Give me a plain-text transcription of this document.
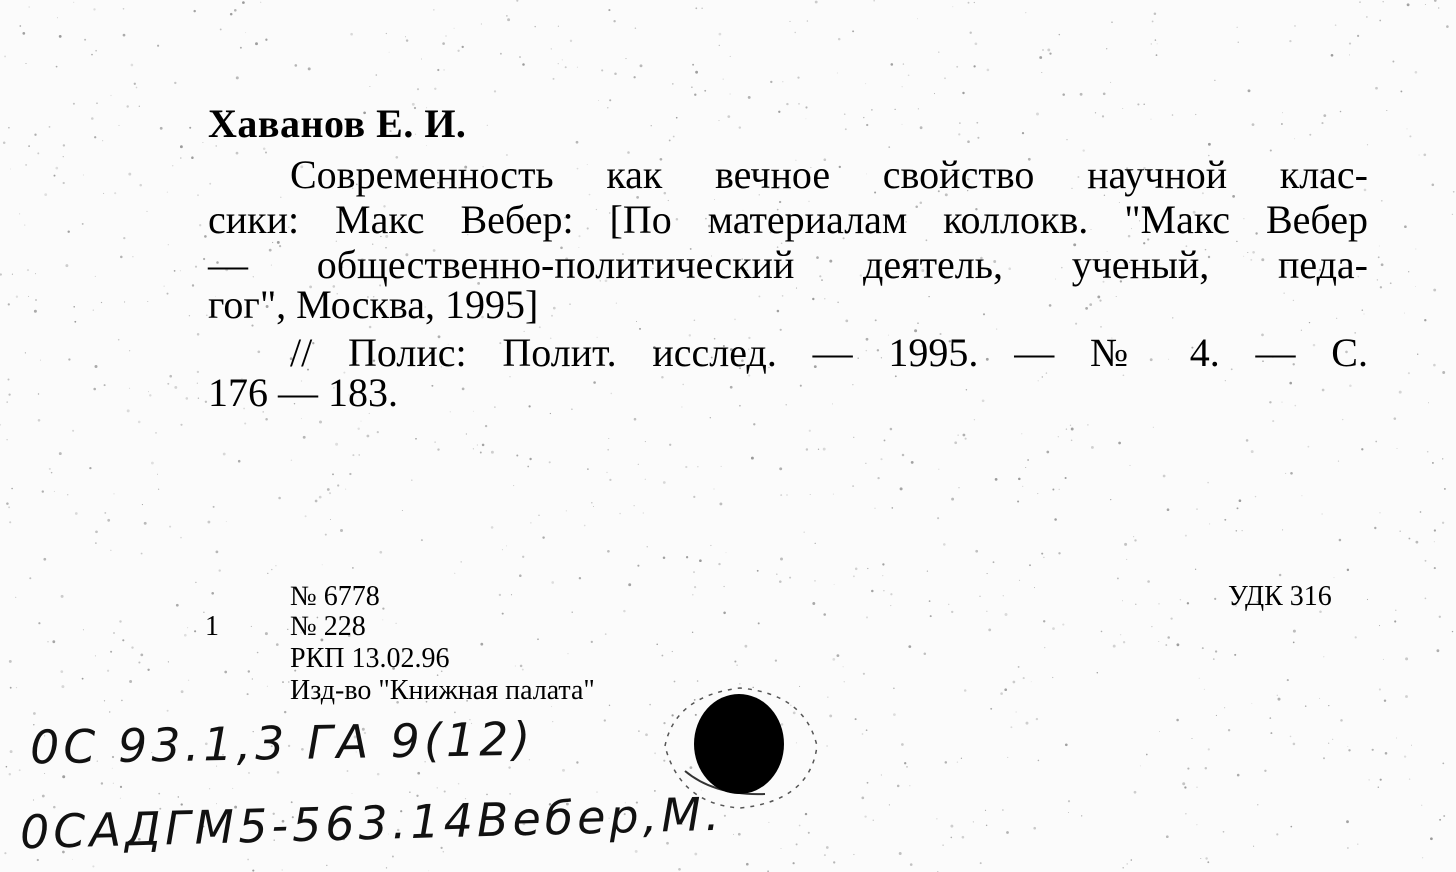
Хаванов Е. И.
Современность как вечное свойство научной клас-
сики: Макс Вебер: [По материалам коллокв. "Макс Вебер
— общественно-политический деятель, ученый, педа-
гог", Москва, 1995]
// Полис: Полит. исслед. — 1995. — № 4. — С.
176 — 183.
№ 6778
1	№ 228
РКП 13.02.96
Изд-во "Книжная палата"
УДК 316
0С 93.1,3 ГА 9(12)
0САДГМ5-563.14Вебер,М.
